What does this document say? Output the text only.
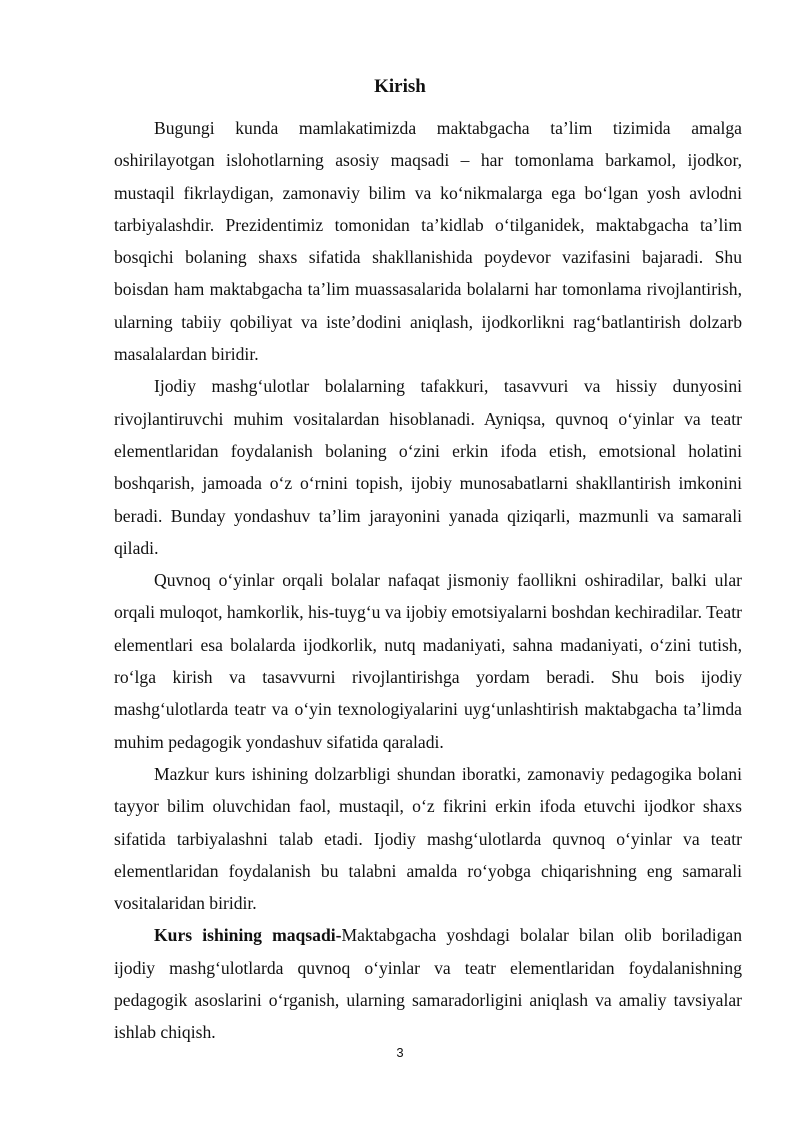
Kirish

Bugungi kunda mamlakatimizda maktabgacha ta’lim tizimida amalga oshirilayotgan islohotlarning asosiy maqsadi – har tomonlama barkamol, ijodkor, mustaqil fikrlaydigan, zamonaviy bilim va ko‘nikmalarga ega bo‘lgan yosh avlodni tarbiyalashdir. Prezidentimiz tomonidan ta’kidlab o‘tilganidek, maktabgacha ta’lim bosqichi bolaning shaxs sifatida shakllanishida poydevor vazifasini bajaradi. Shu boisdan ham maktabgacha ta’lim muassasalarida bolalarni har tomonlama rivojlantirish, ularning tabiiy qobiliyat va iste’dodini aniqlash, ijodkorlikni rag‘batlantirish dolzarb masalalardan biridir.

Ijodiy mashg‘ulotlar bolalarning tafakkuri, tasavvuri va hissiy dunyosini rivojlantiruvchi muhim vositalardan hisoblanadi. Ayniqsa, quvnoq o‘yinlar va teatr elementlaridan foydalanish bolaning o‘zini erkin ifoda etish, emotsional holatini boshqarish, jamoada o‘z o‘rnini topish, ijobiy munosabatlarni shakllantirish imkonini beradi. Bunday yondashuv ta’lim jarayonini yanada qiziqarli, mazmunli va samarali qiladi.

Quvnoq o‘yinlar orqali bolalar nafaqat jismoniy faollikni oshiradilar, balki ular orqali muloqot, hamkorlik, his-tuyg‘u va ijobiy emotsiyalarni boshdan kechiradilar. Teatr elementlari esa bolalarda ijodkorlik, nutq madaniyati, sahna madaniyati, o‘zini tutish, ro‘lga kirish va tasavvurni rivojlantirishga yordam beradi. Shu bois ijodiy mashg‘ulotlarda teatr va o‘yin texnologiyalarini uyg‘unlashtirish maktabgacha ta’limda muhim pedagogik yondashuv sifatida qaraladi.

Mazkur kurs ishining dolzarbligi shundan iboratki, zamonaviy pedagogika bolani tayyor bilim oluvchidan faol, mustaqil, o‘z fikrini erkin ifoda etuvchi ijodkor shaxs sifatida tarbiyalashni talab etadi. Ijodiy mashg‘ulotlarda quvnoq o‘yinlar va teatr elementlaridan foydalanish bu talabni amalda ro‘yobga chiqarishning eng samarali vositalaridan biridir.

Kurs ishining maqsadi-Maktabgacha yoshdagi bolalar bilan olib boriladigan ijodiy mashg‘ulotlarda quvnoq o‘yinlar va teatr elementlaridan foydalanishning pedagogik asoslarini o‘rganish, ularning samaradorligini aniqlash va amaliy tavsiyalar ishlab chiqish.

3
